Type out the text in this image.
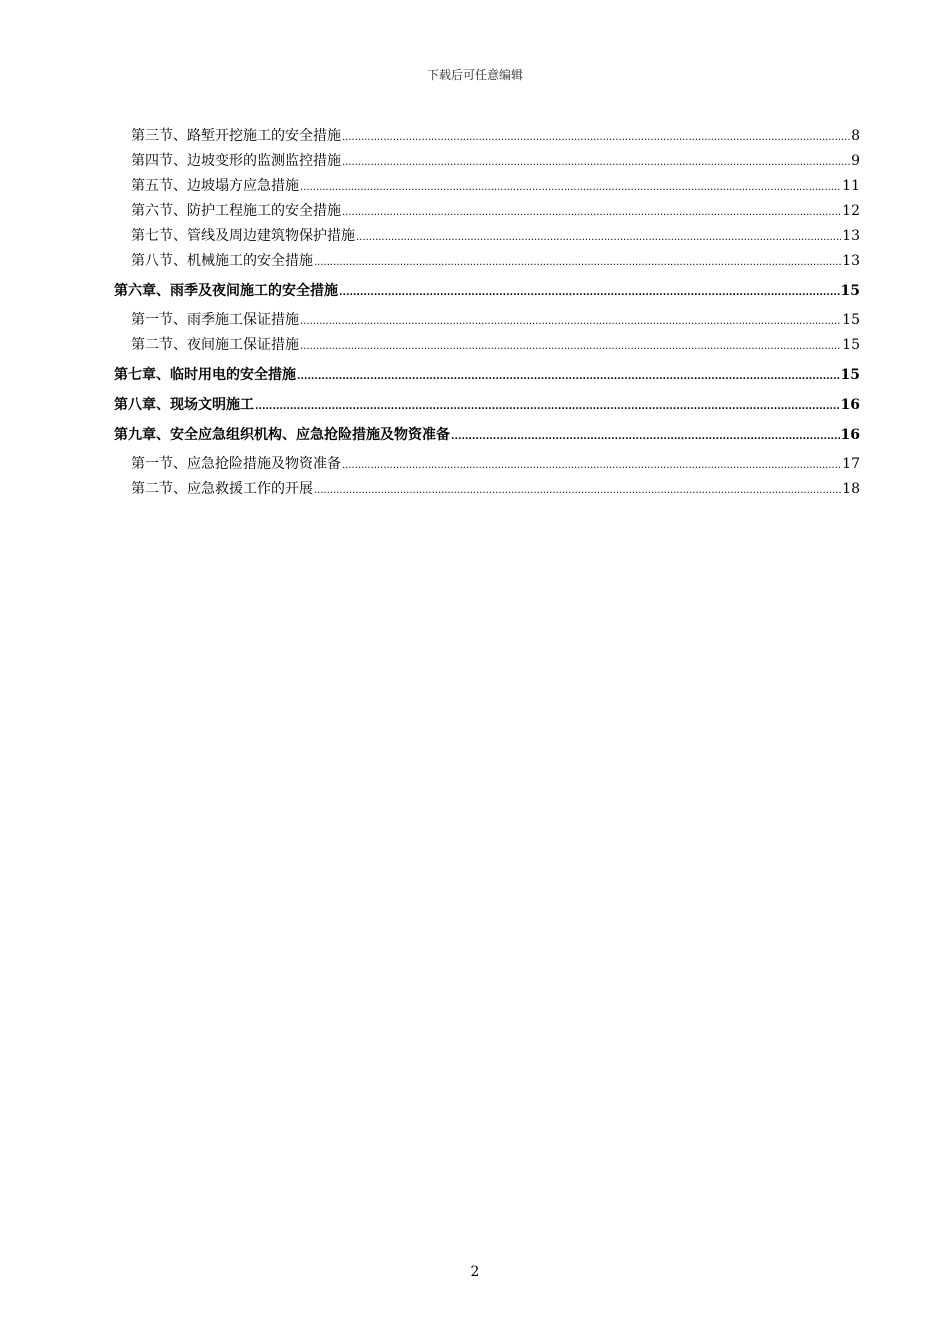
下载后可任意编辑
第三节、路堑开挖施工的安全措施 .....	8
第四节、边坡变形的监测监控措施 .....	9
第五节、边坡塌方应急措施 .....	11
第六节、防护工程施工的安全措施 .....	12
第七节、管线及周边建筑物保护措施 .....	13
第八节、机械施工的安全措施 .....	13
第六章、雨季及夜间施工的安全措施 .....	15
第一节、雨季施工保证措施 .....	15
第二节、夜间施工保证措施 .....	15
第七章、临时用电的安全措施 .....	15
第八章、现场文明施工 .....	16
第九章、安全应急组织机构、应急抢险措施及物资准备 .....	16
第一节、应急抢险措施及物资准备 .....	17
第二节、应急救援工作的开展 .....	18
2
